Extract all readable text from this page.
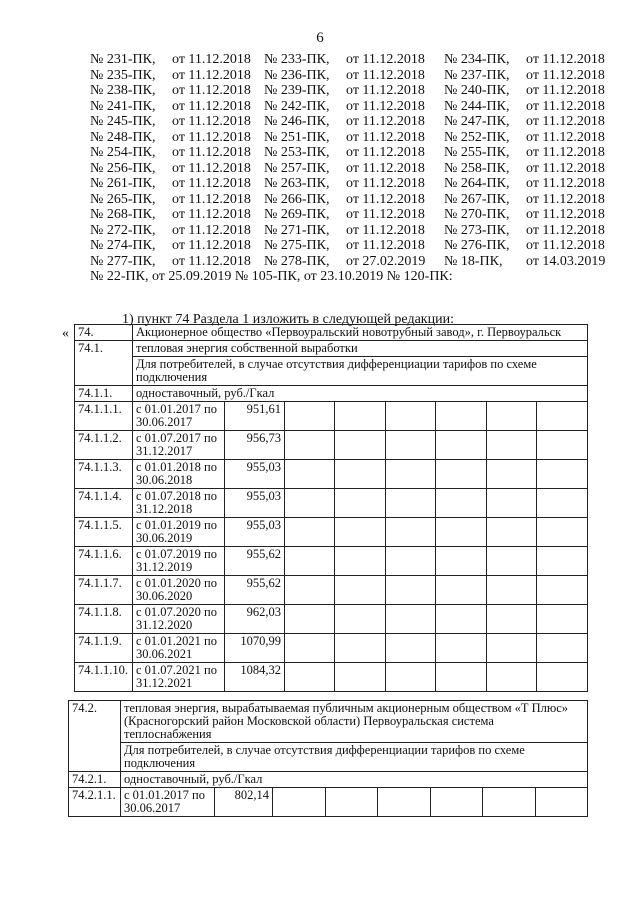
6
№ 231-ПК,	от 11.12.2018 № 233-ПК,	от 11.12.2018	№ 234-ПК,	от 11.12.2018
№ 235-ПК,	от 11.12.2018 № 236-ПК,	от 11.12.2018	№ 237-ПК,	от 11.12.2018
№ 238-ПК,	от 11.12.2018 № 239-ПК,	от 11.12.2018	№ 240-ПК,	от 11.12.2018
№ 241-ПК,	от 11.12.2018 № 242-ПК,	от 11.12.2018	№ 244-ПК,	от 11.12.2018
№ 245-ПК,	от 11.12.2018 № 246-ПК,	от 11.12.2018	№ 247-ПК,	от 11.12.2018
№ 248-ПК,	от 11.12.2018 № 251-ПК,	от 11.12.2018	№ 252-ПК,	от 11.12.2018
№ 254-ПК,	от 11.12.2018 № 253-ПК,	от 11.12.2018	№ 255-ПК,	от 11.12.2018
№ 256-ПК,	от 11.12.2018 № 257-ПК,	от 11.12.2018	№ 258-ПК,	от 11.12.2018
№ 261-ПК,	от 11.12.2018 № 263-ПК,	от 11.12.2018	№ 264-ПК,	от 11.12.2018
№ 265-ПК,	от 11.12.2018 № 266-ПК,	от 11.12.2018	№ 267-ПК,	от 11.12.2018
№ 268-ПК,	от 11.12.2018 № 269-ПК,	от 11.12.2018	№ 270-ПК,	от 11.12.2018
№ 272-ПК,	от 11.12.2018 № 271-ПК,	от 11.12.2018	№ 273-ПК,	от 11.12.2018
№ 274-ПК,	от 11.12.2018 № 275-ПК,	от 11.12.2018	№ 276-ПК,	от 11.12.2018
№ 277-ПК,	от 11.12.2018 № 278-ПК,	от 27.02.2019	№ 18-ПК,	от 14.03.2019
№ 22-ПК, от 25.09.2019 № 105-ПК, от 23.10.2019 № 120-ПК:
1) пункт 74 Раздела 1 изложить в следующей редакции:
« 74.	Акционерное общество «Первоуральский новотрубный завод», г. Первоуральск							
74.1.	тепловая энергия собственной выработки							
	Для потребителей, в случае отсутствия дифференциации тарифов по схеме подключения							
74.1.1.	одноставочный, руб./Гкал							
74.1.1.1.	с 01.01.2017 по 30.06.2017	951,61						
74.1.1.2.	с 01.07.2017 по 31.12.2017	956,73						
74.1.1.3.	с 01.01.2018 по 30.06.2018	955,03						
74.1.1.4.	с 01.07.2018 по 31.12.2018	955,03						
74.1.1.5.	с 01.01.2019 по 30.06.2019	955,03						
74.1.1.6.	с 01.07.2019 по 31.12.2019	955,62						
74.1.1.7.	с 01.01.2020 по 30.06.2020	955,62						
74.1.1.8.	с 01.07.2020 по 31.12.2020	962,03						
74.1.1.9.	с 01.01.2021 по 30.06.2021	1070,99						
74.1.1.10.	с 01.07.2021 по 31.12.2021	1084,32						
74.2.	тепловая энергия, вырабатываемая публичным акционерным обществом «Т Плюс» (Красногорский район Московской области) Первоуральская система теплоснабжения							
	Для потребителей, в случае отсутствия дифференциации тарифов по схеме подключения							
74.2.1.	одноставочный, руб./Гкал							
74.2.1.1.	с 01.01.2017 по 30.06.2017	802,14						
